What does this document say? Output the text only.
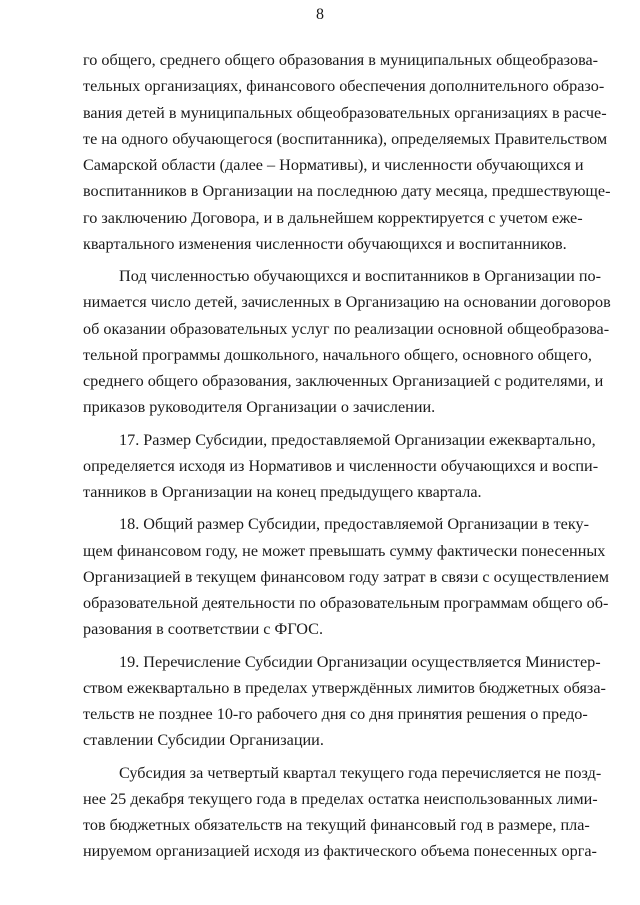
8
го общего, среднего общего образования в муниципальных общеобразова-
тельных организациях, финансового обеспечения дополнительного образо-
вания детей в муниципальных общеобразовательных организациях в расче-
те на одного обучающегося (воспитанника), определяемых Правительством
Самарской области (далее – Нормативы), и численности обучающихся и
воспитанников в Организации на последнюю дату месяца, предшествующе-
го заключению Договора, и в дальнейшем корректируется с учетом еже-
квартального изменения численности обучающихся и воспитанников.
Под численностью обучающихся и воспитанников в Организации по-
нимается число детей, зачисленных в Организацию на основании договоров
об оказании образовательных услуг по реализации основной общеобразова-
тельной программы дошкольного, начального общего, основного общего,
среднего общего образования, заключенных Организацией с родителями, и
приказов руководителя Организации о зачислении.
17. Размер Субсидии, предоставляемой Организации ежеквартально,
определяется исходя из Нормативов и численности обучающихся и воспи-
танников в Организации на конец предыдущего квартала.
18. Общий размер Субсидии, предоставляемой Организации в теку-
щем финансовом году, не может превышать сумму фактически понесенных
Организацией в текущем финансовом году затрат в связи с осуществлением
образовательной деятельности по образовательным программам общего об-
разования в соответствии с ФГОС.
19. Перечисление Субсидии Организации осуществляется Министер-
ством ежеквартально в пределах утверждённых лимитов бюджетных обяза-
тельств не позднее 10-го рабочего дня со дня принятия решения о предо-
ставлении Субсидии Организации.
Субсидия за четвертый квартал текущего года перечисляется не позд-
нее 25 декабря текущего года в пределах остатка неиспользованных лими-
тов бюджетных обязательств на текущий финансовый год в размере, пла-
нируемом организацией исходя из фактического объема понесенных орга-
